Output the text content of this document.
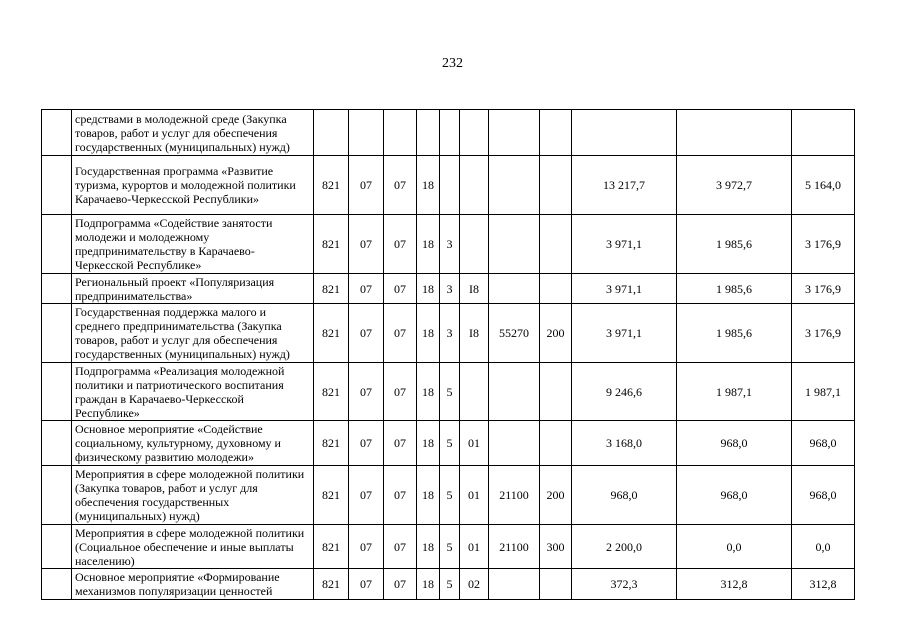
232
	средствами в молодежной среде (Закупка товаров, работ и услуг для обеспечения государственных (муниципальных) нужд)											
	Государственная программа «Развитие туризма, курортов и молодежной политики Карачаево-Черкесской Республики»	821	07	07	18					13 217,7	3 972,7	5 164,0
	Подпрограмма «Содействие занятости молодежи и молодежному предпринимательству в Карачаево-Черкесской Республике»	821	07	07	18	3				3 971,1	1 985,6	3 176,9
	Региональный проект «Популяризация предпринимательства»	821	07	07	18	3	I8			3 971,1	1 985,6	3 176,9
	Государственная поддержка малого и среднего предпринимательства (Закупка товаров, работ и услуг для обеспечения государственных (муниципальных) нужд)	821	07	07	18	3	I8	55270	200	3 971,1	1 985,6	3 176,9
	Подпрограмма «Реализация молодежной политики и патриотического воспитания граждан в Карачаево-Черкесской Республике»	821	07	07	18	5				9 246,6	1 987,1	1 987,1
	Основное мероприятие «Содействие социальному, культурному, духовному и физическому развитию молодежи»	821	07	07	18	5	01			3 168,0	968,0	968,0
	Мероприятия в сфере молодежной политики (Закупка товаров, работ и услуг для обеспечения государственных (муниципальных) нужд)	821	07	07	18	5	01	21100	200	968,0	968,0	968,0
	Мероприятия в сфере молодежной политики (Социальное обеспечение и иные выплаты населению)	821	07	07	18	5	01	21100	300	2 200,0	0,0	0,0
	Основное мероприятие «Формирование механизмов популяризации ценностей	821	07	07	18	5	02			372,3	312,8	312,8
